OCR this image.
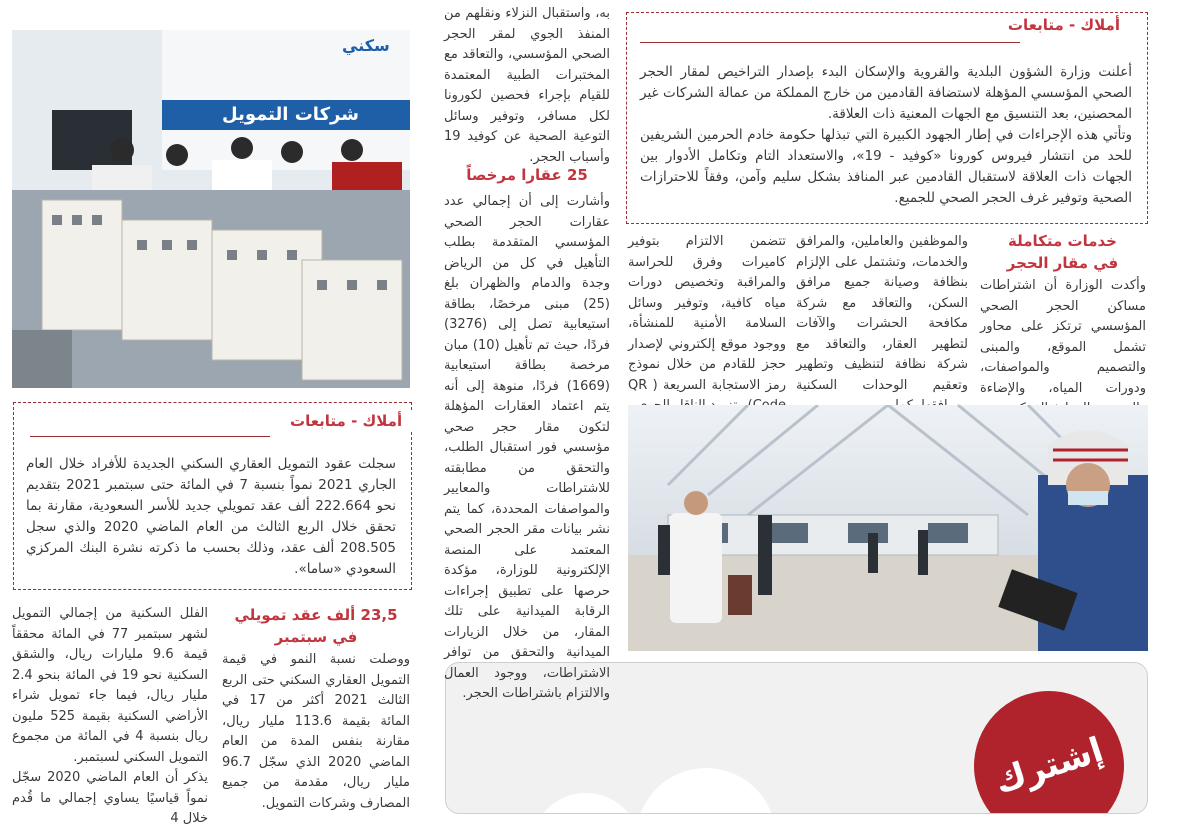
أملاك - متابعات
أعلنت وزارة الشؤون البلدية والقروية والإسكان البدء بإصدار التراخيص لمقار الحجر الصحي المؤسسي المؤهلة لاستضافة القادمين من خارج المملكة من عمالة الشركات غير المحصنين، بعد التنسيق مع الجهات المعنية ذات العلاقة.
وتأتي هذه الإجراءات في إطار الجهود الكبيرة التي تبذلها حكومة خادم الحرمين الشريفين للحد من انتشار فيروس كورونا «كوفيد - 19»، والاستعداد التام وتكامل الأدوار بين الجهات ذات العلاقة لاستقبال القادمين عبر المنافذ بشكل سليم وآمن، وفقاً للاحترازات الصحية وتوفير غرف الحجر الصحي للجميع.
خدمات متكاملة في مقار الحجر
وأكدت الوزارة أن اشتراطات مساكن الحجر الصحي المؤسسي ترتكز على محاور تشمل الموقع، والمبنى والتصميم والمواصفات، ودورات المياه، والإضاءة
والموظفين والعاملين، والمرافق والخدمات، وتشتمل على الإلزام بنظافة وصيانة جميع مرافق السكن، والتعاقد مع شركة مكافحة الحشرات والآفات لتطهير العقار، والتعاقد مع شركة نظافة لتنظيف وتطهير وتعقيم الوحدات السكنية
تتضمن الالتزام بتوفير كاميرات وفرق للحراسة والمراقبة وتخصيص دورات مياه كافية، وتوفير وسائل السلامة الأمنية للمنشأة، ووجود موقع إلكتروني لإصدار حجز للقادم من خلال نموذج رمز الاستجابة السريعة ( QR
إشترك
به، واستقبال النزلاء ونقلهم من المنفذ الجوي لمقر الحجر الصحي المؤسسي، والتعاقد مع المختبرات الطبية المعتمدة للقيام بإجراء فحصين لكورونا لكل مسافر، وتوفير وسائل التوعية الصحية عن كوفيد 19 وأسباب الحجر.
25 عقارا مرخصاً
وأشارت إلى أن إجمالي عدد عقارات الحجر الصحي المؤسسي المتقدمة بطلب التأهيل في كل من الرياض وجدة والدمام والظهران بلغ (25) مبنى مرخصًا، بطاقة استيعابية تصل إلى (3276) فردًا، حيث تم تأهيل (10) مبان مرخصة بطاقة استيعابية (1669) فردًا، منوهة إلى أنه يتم اعتماد العقارات المؤهلة لتكون مقار حجر صحي مؤسسي فور استقبال الطلب، والتحقق من مطابقته للاشتراطات والمعايير والمواصفات المحددة، كما يتم نشر بيانات مقر الحجر الصحي المعتمد على المنصة الإلكترونية للوزارة، مؤكدة حرصها على تطبيق إجراءات الرقابة الميدانية على تلك المقار، من خلال الزيارات الميدانية والتحقق من توافر الاشتراطات، ووجود العمال والالتزام باشتراطات الحجر.
سكني
شركات التمويل
أملاك - متابعات
سجلت عقود التمويل العقاري السكني الجديدة للأفراد خلال العام الجاري 2021 نمواً بنسبة 7 في المائة حتى سبتمبر 2021 بتقديم نحو 222.664 ألف عقد تمويلي جديد للأسر السعودية، مقارنة بما تحقق خلال الربع الثالث من العام الماضي 2020 والذي سجل 208.505 ألف عقد، وذلك بحسب ما ذكرته نشرة البنك المركزي السعودي «ساما».
23,5 ألف عقد تمويلي في سبتمبر
ووصلت نسبة النمو في قيمة التمويل العقاري السكني حتى الربع الثالث 2021 أكثر من 17 في المائة بقيمة 113.6 مليار ريال، مقارنة بنفس المدة من العام الماضي 2020 الذي سجّل 96.7 مليار ريال، مقدمة من جميع المصارف وشركات التمويل.
الفلل السكنية من إجمالي التمويل لشهر سبتمبر 77 في المائة محققاً قيمة 9.6 مليارات ريال، والشقق السكنية نحو 19 في المائة بنحو 2.4 مليار ريال، فيما جاء تمويل شراء الأراضي السكنية بقيمة 525 مليون ريال بنسبة 4 في المائة من مجموع التمويل السكني لسبتمبر.
يذكر أن العام الماضي 2020 سجّل نمواً قياسيًا يساوي إجمالي ما قُدم خلال 4
